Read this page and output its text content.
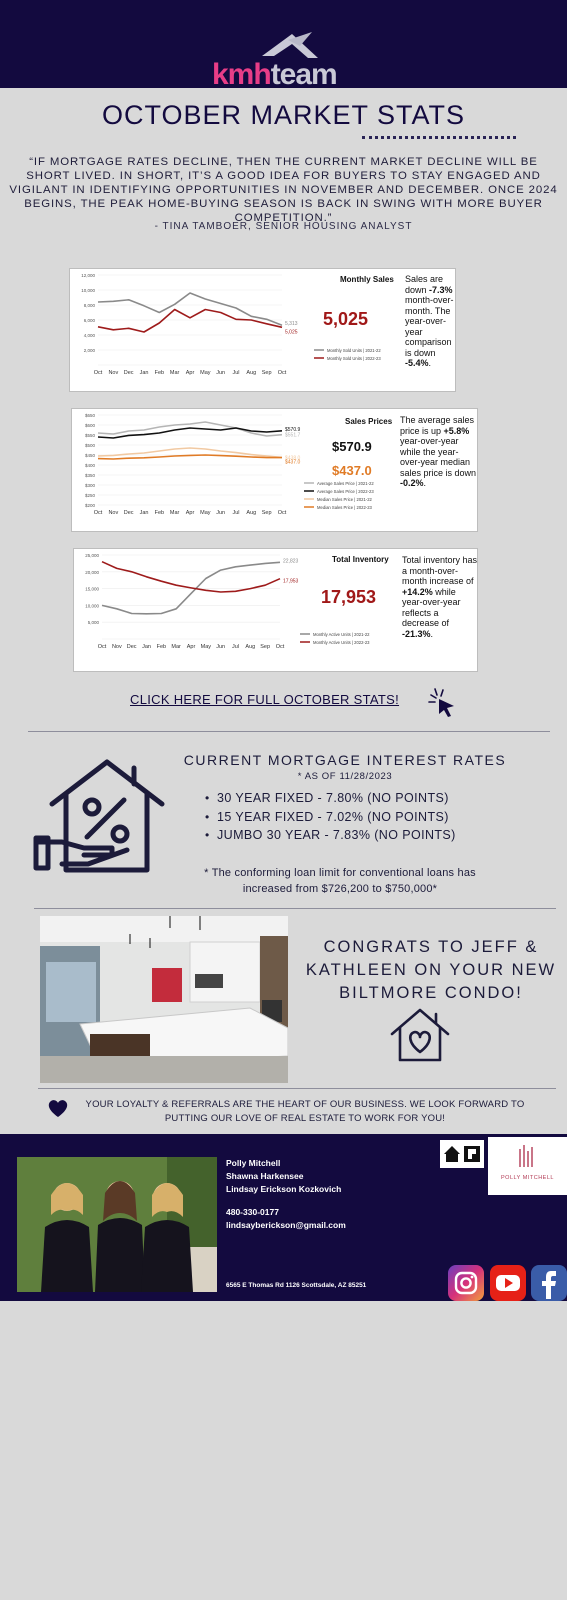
kmhteam
OCTOBER MARKET STATS
“IF MORTGAGE RATES DECLINE, THEN THE CURRENT MARKET DECLINE WILL BE SHORT LIVED. IN SHORT, IT’S A GOOD IDEA FOR BUYERS TO STAY ENGAGED AND VIGILANT IN IDENTIFYING OPPORTUNITIES IN NOVEMBER AND DECEMBER. ONCE 2024 BEGINS, THE PEAK HOME-BUYING SEASON IS BACK IN SWING WITH MORE BUYER COMPETITION.”
- TINA TAMBOER, SENIOR HOUSING ANALYST
12,000
10,000
8,000
6,000
4,000
2,000
Oct Nov Dec Jan Feb Mar Apr May Jun Jul Aug Sep Oct
5,313
Monthly Sold Units | 2021-22
5,025
Monthly Sold Units | 2022-23
Monthly Sales
5,025
Sales are down -7.3% month-over-month. The year-over-year comparison is down -5.4%.
$650
$600
$550
$500
$450
$400
$350
$300
$250
$200
Oct Nov Dec Jan Feb Mar Apr May Jun Jul Aug Sep Oct
$551.7
Average Sales Price | 2021-22
$570.9
Average Sales Price | 2022-23
$438.0
Median Sales Price | 2021-22
$437.0
Median Sales Price | 2022-23
Sales Prices
$570.9
$437.0
The average sales price is up +5.8% year-over-year while the year-over-year median sales price is down -0.2%.
25,000
20,000
15,000
10,000
5,000
Oct Nov Dec Jan Feb Mar Apr May Jun Jul Aug Sep Oct
22,823
Monthly Active Units | 2021-22
17,953
Monthly Active Units | 2022-23
Total Inventory
17,953
Total inventory has a month-over-month increase of +14.2% while year-over-year reflects a decrease of -21.3%.
CLICK HERE FOR FULL OCTOBER STATS!
CURRENT MORTGAGE INTEREST RATES
* AS OF 11/28/2023
• 30 YEAR FIXED - 7.80% (NO POINTS)
• 15 YEAR FIXED - 7.02% (NO POINTS)
• JUMBO 30 YEAR - 7.83% (NO POINTS)
* The conforming loan limit for conventional loans has increased from $726,200 to $750,000*
CONGRATS TO JEFF & KATHLEEN ON YOUR NEW BILTMORE CONDO!
YOUR LOYALTY & REFERRALS ARE THE HEART OF OUR BUSINESS. WE LOOK FORWARD TO PUTTING OUR LOVE OF REAL ESTATE TO WORK FOR YOU!
Polly Mitchell
Shawna Harkensee
Lindsay Erickson Kozkovich
480-330-0177
lindsayberickson@gmail.com
6565 E Thomas Rd 1126 Scottsdale, AZ 85251
POLLY MITCHELL
